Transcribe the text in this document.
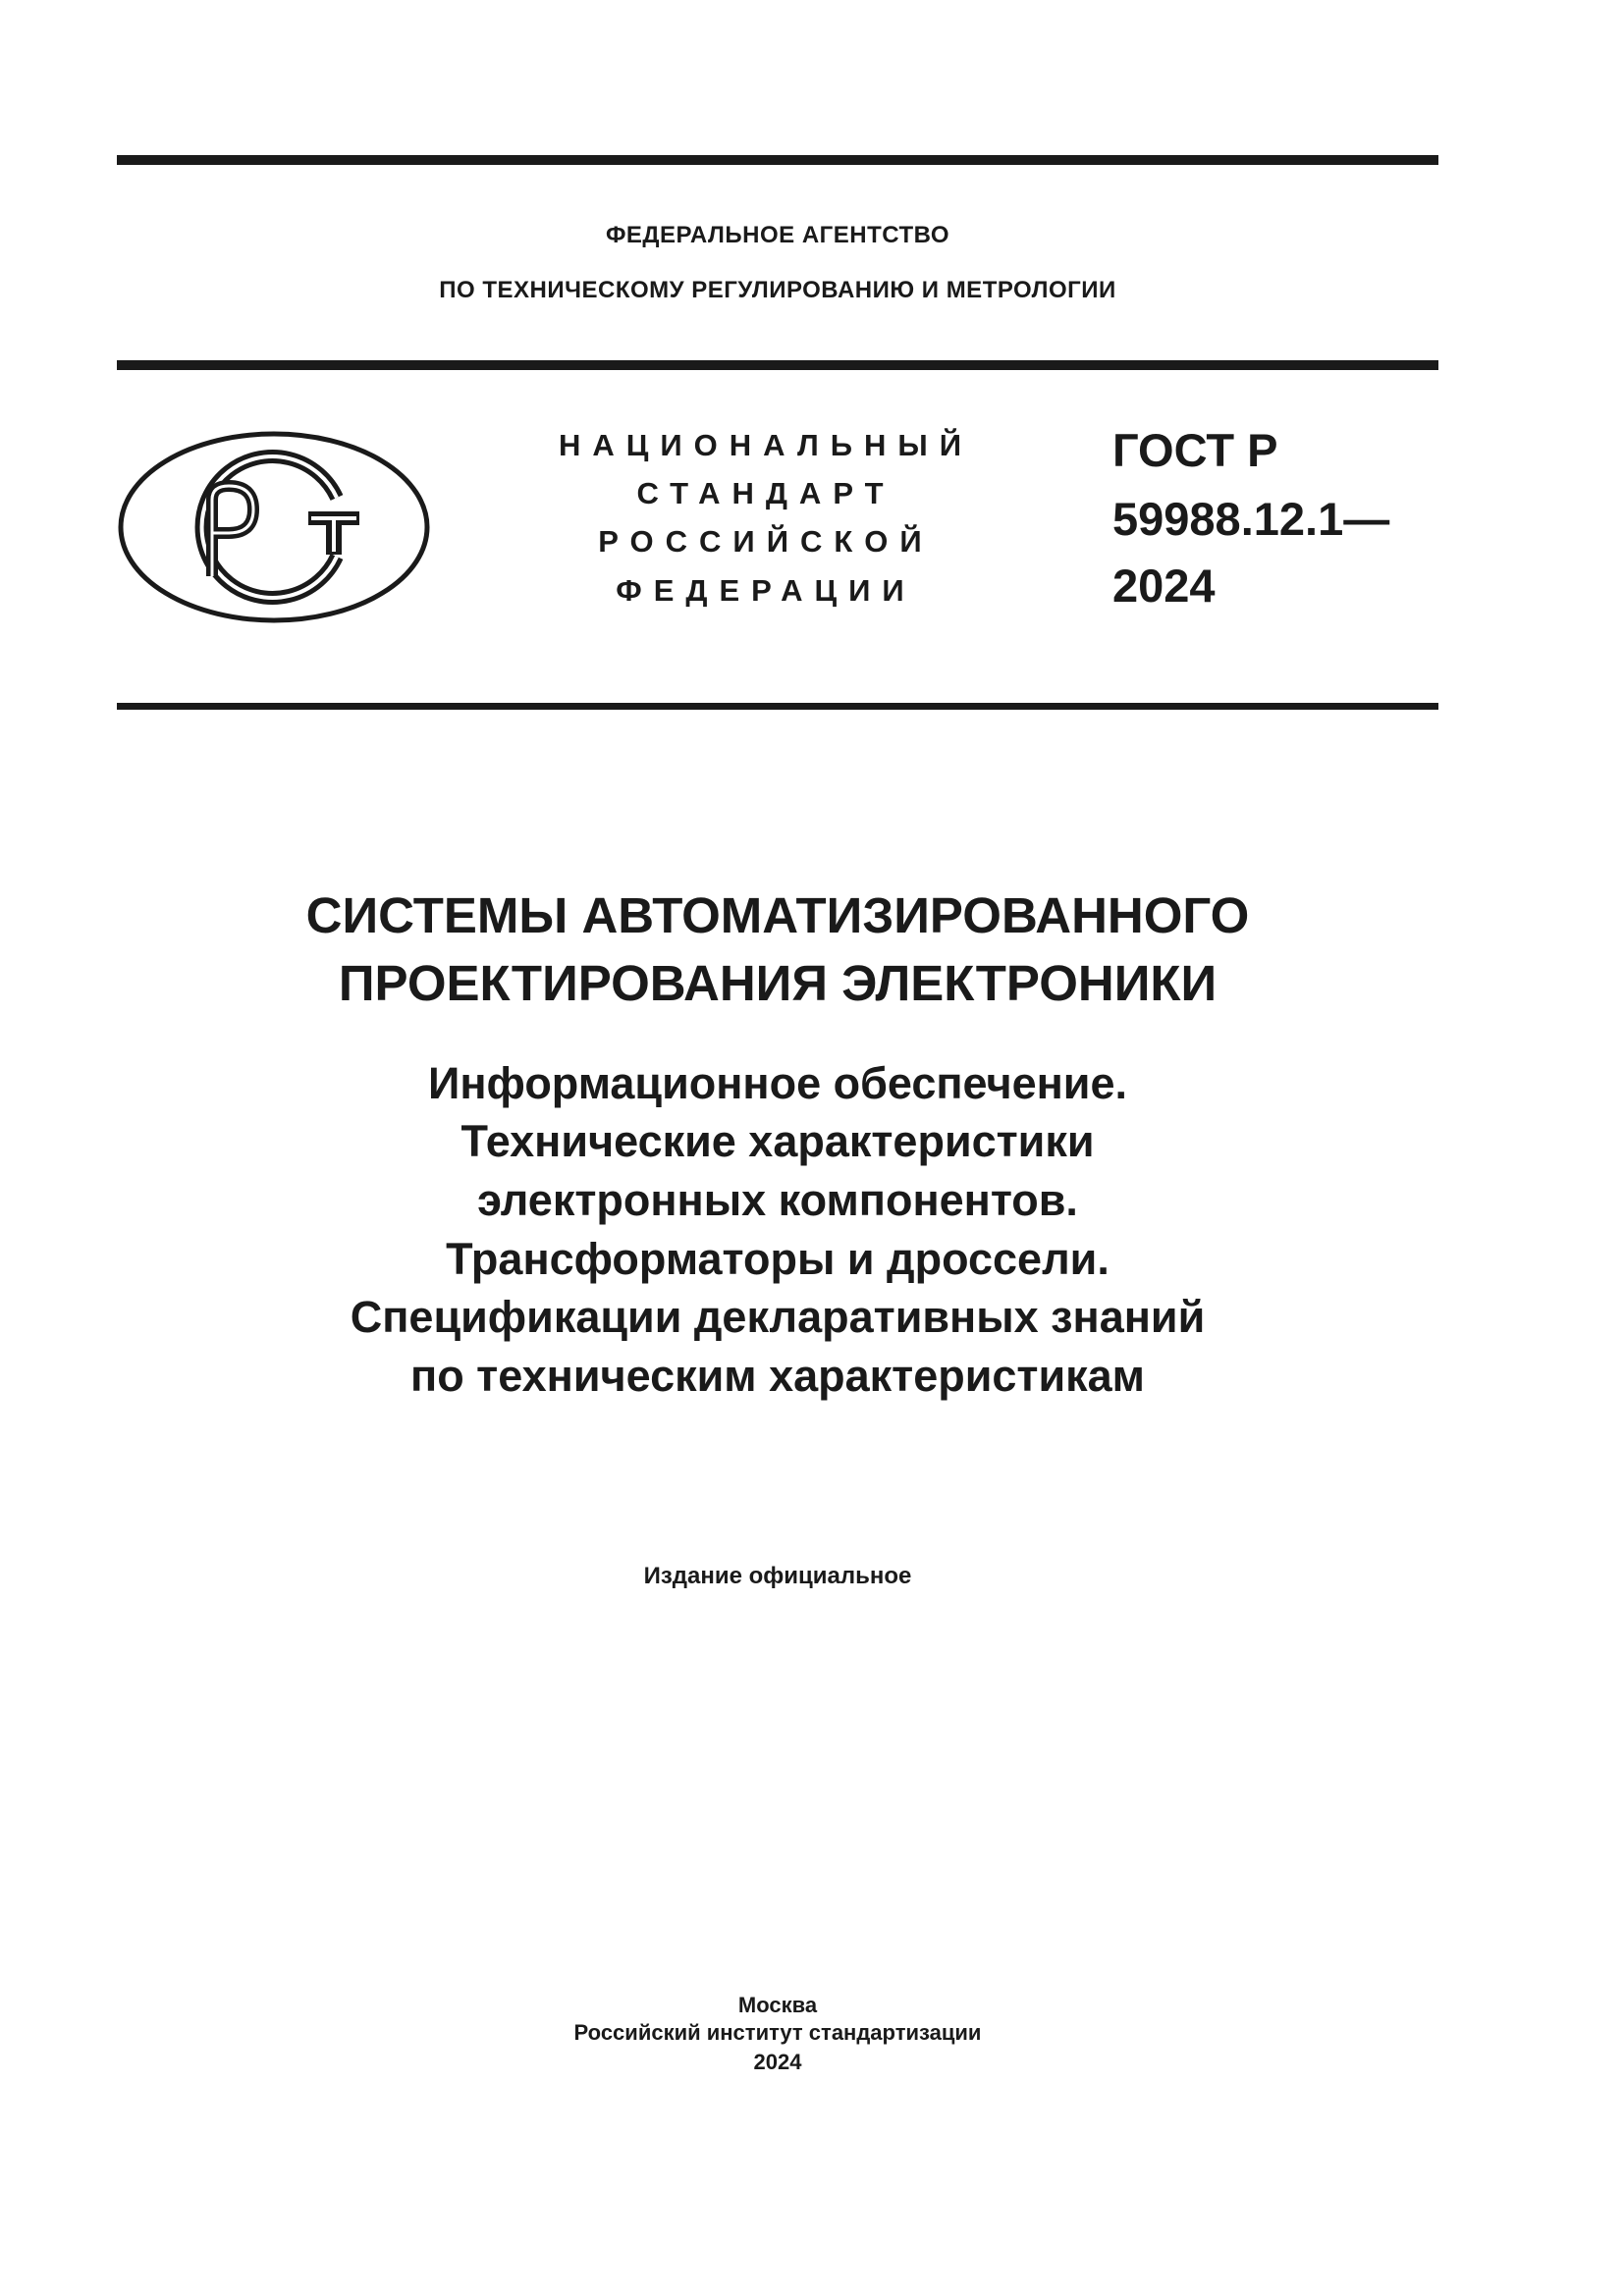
ФЕДЕРАЛЬНОЕ АГЕНТСТВО
ПО ТЕХНИЧЕСКОМУ РЕГУЛИРОВАНИЮ И МЕТРОЛОГИИ
НАЦИОНАЛЬНЫЙ
СТАНДАРТ
РОССИЙСКОЙ
ФЕДЕРАЦИИ
ГОСТ Р
59988.12.1—
2024
СИСТЕМЫ АВТОМАТИЗИРОВАННОГО
ПРОЕКТИРОВАНИЯ ЭЛЕКТРОНИКИ
Информационное обеспечение.
Технические характеристики
электронных компонентов.
Трансформаторы и дроссели.
Спецификации декларативных знаний
по техническим характеристикам
Издание официальное
Москва
Российский институт стандартизации
2024
